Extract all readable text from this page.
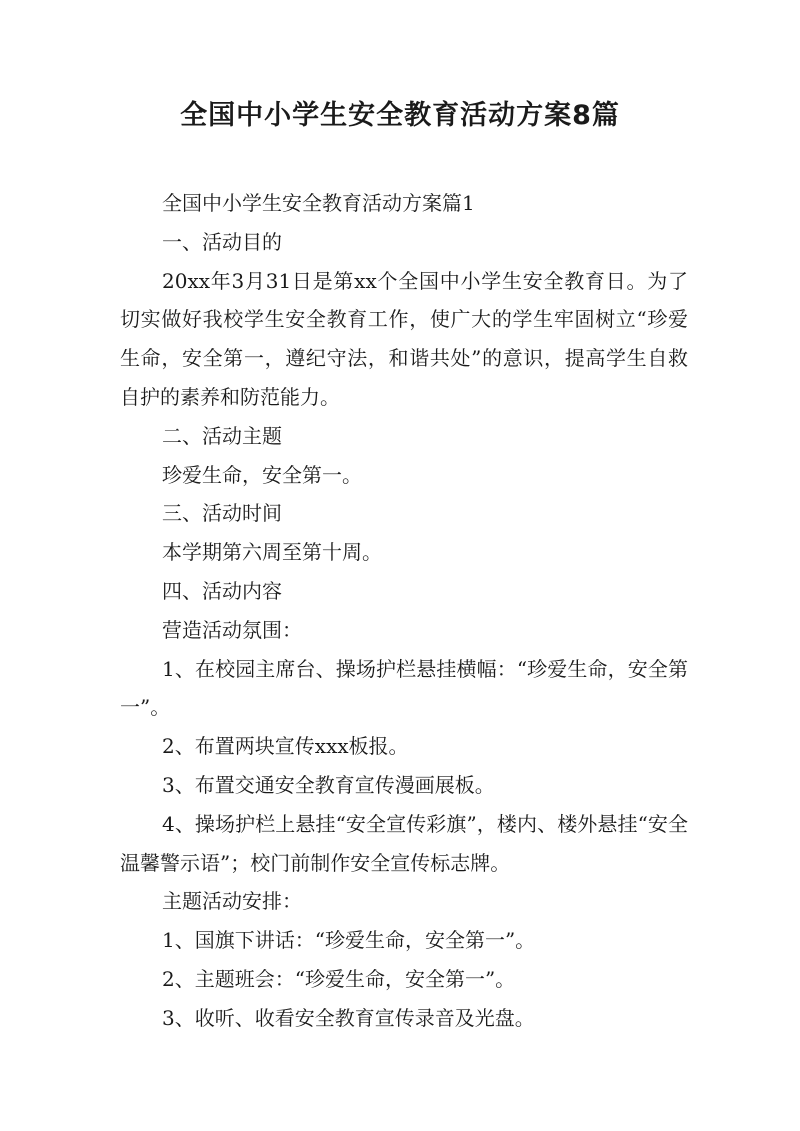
全国中小学生安全教育活动方案8篇

全国中小学生安全教育活动方案篇1

一、活动目的

20xx年3月31日是第xx个全国中小学生安全教育日。为了切实做好我校学生安全教育工作，使广大的学生牢固树立“珍爱生命，安全第一，遵纪守法，和谐共处”的意识，提高学生自救自护的素养和防范能力。

二、活动主题

珍爱生命，安全第一。

三、活动时间

本学期第六周至第十周。

四、活动内容

营造活动氛围：

1、在校园主席台、操场护栏悬挂横幅：“珍爱生命，安全第一”。

2、布置两块宣传xxx板报。

3、布置交通安全教育宣传漫画展板。

4、操场护栏上悬挂“安全宣传彩旗”，楼内、楼外悬挂“安全温馨警示语”；校门前制作安全宣传标志牌。

主题活动安排：

1、国旗下讲话：“珍爱生命，安全第一”。

2、主题班会：“珍爱生命，安全第一”。

3、收听、收看安全教育宣传录音及光盘。
